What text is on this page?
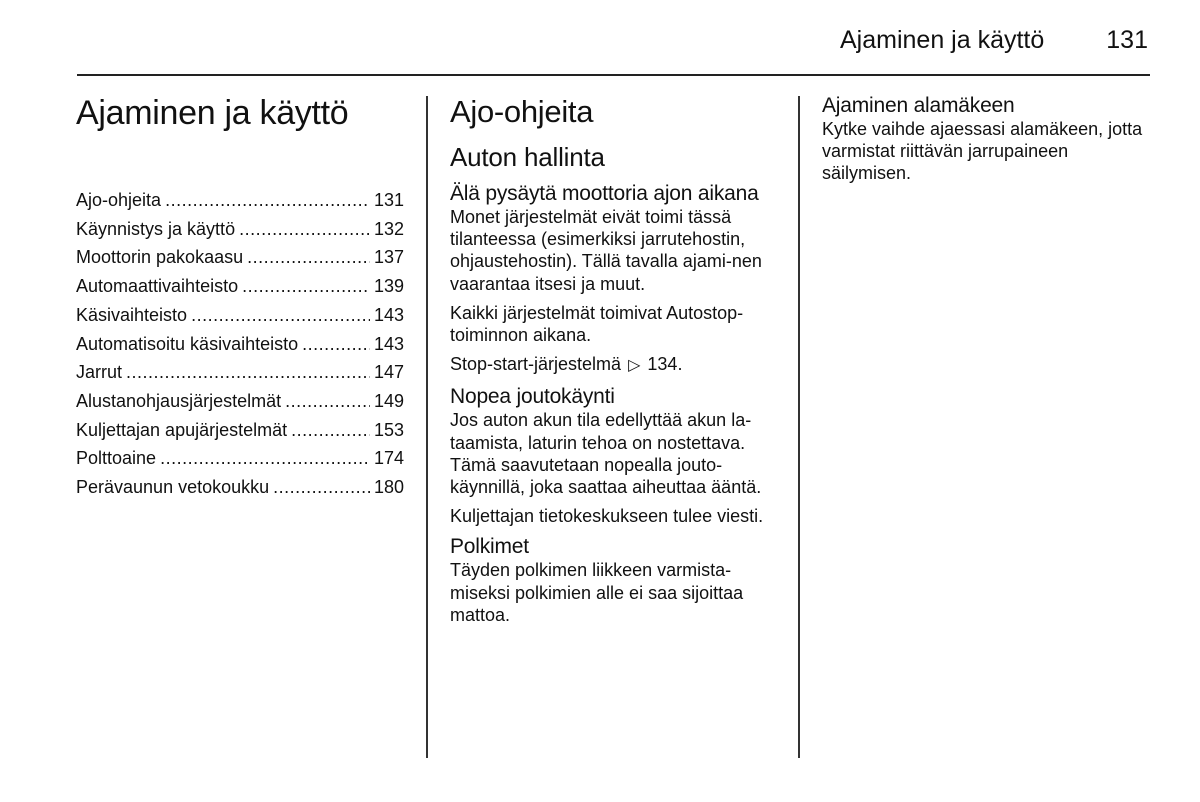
Ajaminen ja käyttö 131
Ajaminen ja käyttö
Ajo-ohjeita .....	131
Käynnistys ja käyttö .....	132
Moottorin pakokaasu .....	137
Automaattivaihteisto .....	139
Käsivaihteisto .....	143
Automatisoitu käsivaihteisto .....	143
Jarrut .....	147
Alustanohjausjärjestelmät .....	149
Kuljettajan apujärjestelmät .....	153
Polttoaine .....	174
Perävaunun vetokoukku .....	180
Ajo-ohjeita
Auton hallinta
Älä pysäytä moottoria ajon aikana

Monet järjestelmät eivät toimi tässä tilanteessa (esimerkiksi jarrutehostin, ohjaustehostin). Tällä tavalla ajami-nen vaarantaa itsesi ja muut.

Kaikki järjestelmät toimivat Autostop-toiminnon aikana.

Stop-start-järjestelmä ▷ 134.

Nopea joutokäynti

Jos auton akun tila edellyttää akun la-taamista, laturin tehoa on nostettava. Tämä saavutetaan nopealla jouto-käynnillä, joka saattaa aiheuttaa ääntä.

Kuljettajan tietokeskukseen tulee viesti.

Polkimet

Täyden polkimen liikkeen varmista-miseksi polkimien alle ei saa sijoittaa mattoa.

Ajaminen alamäkeen

Kytke vaihde ajaessasi alamäkeen, jotta varmistat riittävän jarrupaineen säilymisen.
